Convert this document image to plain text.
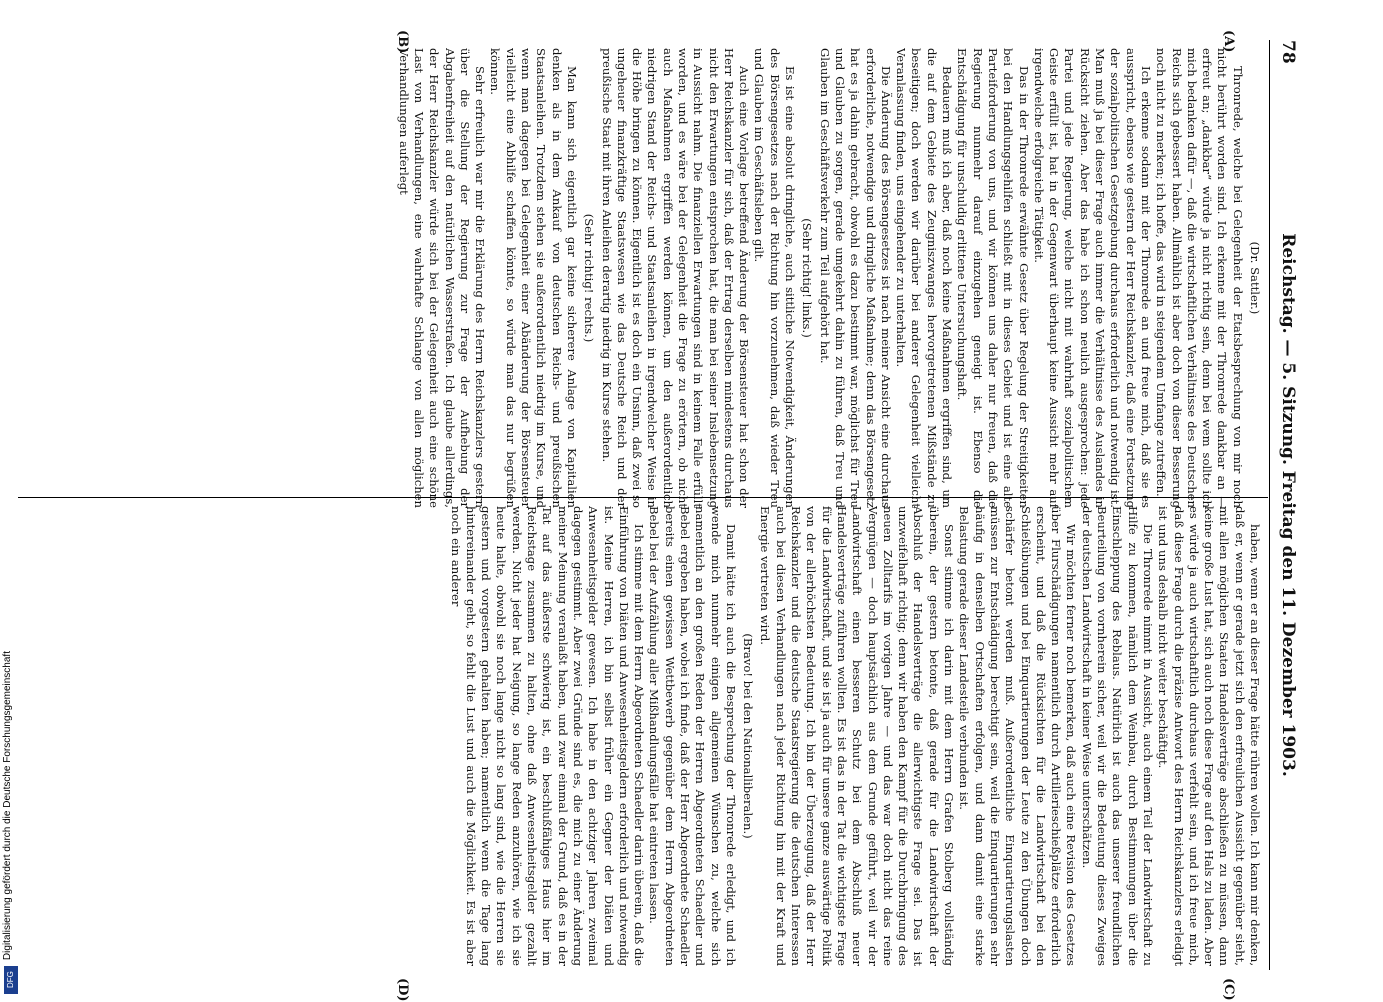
78
Reichstag. — 5. Sitzung. Freitag den 11. Dezember 1903.
(A)
(B)
(C)
(D)

(Dr. Sattler.)

Thronrede, welche bei Gelegenheit der Etatsbesprechung von mir noch nicht berührt worden sind. Ich erkenne mit der Thronrede dankbar an — erfreut an; „dankbar“ würde ja nicht richtig sein, denn bei wem sollte ich mich bedanken dafür —, daß die wirtschaftlichen Verhältnisse des Deutschen Reichs sich gebessert haben. Allmählich ist aber doch von dieser Besserung noch nicht zu merken; ich hoffe, das wird in steigendem Umfange zutreffen.

Ich erkenne sodann mit der Thronrede an und freue mich, daß sie es ausspricht, ebenso wie gestern der Herr Reichskanzler, daß eine Fortsetzung der sozialpolitischen Gesetzgebung durchaus erforderlich und notwendig ist. Man muß ja bei dieser Frage auch immer die Verhältnisse des Auslandes in Rücksicht ziehen. Aber das habe ich schon neulich ausgesprochen: jede Partei und jede Regierung, welche nicht mit wahrhaft sozialpolitischem Geiste erfüllt ist, hat in der Gegenwart überhaupt keine Aussicht mehr auf irgendwelche erfolgreiche Tätigkeit.

Das in der Thronrede erwähnte Gesetz über Regelung der Streitigkeiten bei den Handlungsgehilfen schließt mit in dieses Gebiet und ist eine alte Parteiforderung von uns, und wir können uns daher nur freuen, daß die Regierung nunmehr darauf einzugehen geneigt ist. Ebenso die Entschädigung für unschuldig erlittene Untersuchungshaft.

Bedauern muß ich aber, daß noch keine Maßnahmen ergriffen sind, um die auf dem Gebiete des Zeugniszwanges hervorgetretenen Mißstände zu beseitigen; doch werden wir darüber bei anderer Gelegenheit vielleicht Veranlassung finden, uns eingehender zu unterhalten.

Die Änderung des Börsengesetzes ist nach meiner Ansicht eine durchaus erforderliche, notwendige und dringliche Maßnahme; denn das Börsengesetz hat es ja dahin gebracht, obwohl es dazu bestimmt war, möglichst für Treu und Glauben zu sorgen, gerade umgekehrt dahin zu führen, daß Treu und Glauben im Geschäftsverkehr zum Teil aufgehört hat.

(Sehr richtig! links.)

Es ist eine absolut dringliche, auch sittliche Notwendigkeit, Änderungen des Börsengesetzes nach der Richtung hin vorzunehmen, daß wieder Treu und Glauben im Geschäftsleben gilt.

Auch eine Vorlage betreffend Änderung der Börsensteuer hat schon der Herr Reichskanzler für sich, daß der Ertrag derselben mindestens durchaus nicht den Erwartungen entsprochen hat, die man bei seiner Inslebensetzung in Aussicht nahm. Die finanziellen Erwartungen sind in keinem Falle erfüllt worden, und es wäre bei der Gelegenheit die Frage zu erörtern, ob nicht auch Maßnahmen ergriffen werden können, um den außerordentlich niedrigen Stand der Reichs- und Staatsanleihen in irgendwelcher Weise in die Höhe bringen zu können. Eigentlich ist es doch ein Unsinn, daß zwei so ungeheuer finanzkräftige Staatswesen wie das Deutsche Reich und der preußische Staat mit ihren Anleihen derartig niedrig im Kurse stehen.

(Sehr richtig! rechts.)

Man kann sich eigentlich gar keine sicherere Anlage von Kapitalien denken als in dem Ankauf von deutschen Reichs- und preußischen Staatsanleihen. Trotzdem stehen sie außerordentlich niedrig im Kurse, und wenn man dagegen bei Gelegenheit einer Abänderung der Börsensteuer vielleicht eine Abhilfe schaffen könnte, so würde man das nur begrüßen können.

Sehr erfreulich war mir die Erklärung des Herrn Reichskanzlers gestern über die Stellung der Regierung zur Frage der Aufhebung der Abgabenfreiheit auf den natürlichen Wasserstraßen. Ich glaube allerdings, der Herr Reichskanzler würde sich bei der Gelegenheit auch eine schöne Last von Verhandlungen, eine wahrhafte Schlange von allen möglichen Verhandlungen auferlegt

haben, wenn er an dieser Frage hätte rühren wollen. Ich kann mir denken, daß er, wenn er gerade jetzt sich den erfreulichen Aussicht gegenüber sieht, mit allen möglichen Staaten Handelsverträge abschließen zu müssen, dann keine große Lust hat, sich auch noch diese Frage auf den Hals zu laden. Aber es würde ja auch wirtschaftlich durchaus verfehlt sein, und ich freue mich, daß diese Frage durch die präzise Antwort des Herrn Reichskanzlers erledigt ist und uns deshalb nicht weiter beschäftigt.

Die Thronrede nimmt in Aussicht, auch einem Teil der Landwirtschaft zu Hilfe zu kommen, nämlich dem Weinbau, durch Bestimmungen über die Einschleppung des Reblaus. Natürlich ist auch das unserer freundlichen Beurteilung von vornherein sicher, weil wir die Bedeutung dieses Zweiges der deutschen Landwirtschaft in keiner Weise unterschätzen.

Wir möchten ferner noch bemerken, daß auch eine Revision des Gesetzes über Flurschädigungen namentlich durch Artillerieschießplätze erforderlich erscheint, und daß die Rücksichten für die Landwirtschaft bei den Schießübungen und bei Einquartierungen der Leute zu den Übungen doch schärfer betont werden muß. Außerordentliche Einquartierungslasten müssen zur Entschädigung berechtigt sein, weil die Einquartierungen sehr häufig in denselben Ortschaften erfolgen, und dann damit eine starke Belastung gerade dieser Landesteile verbunden ist.

Sonst stimme ich darin mit dem Herrn Grafen Stolberg vollständig überein, der gestern betonte, daß gerade für die Landwirtschaft der Abschluß der Handelsverträge die allerwichtigste Frage sei. Das ist unzweifelhaft richtig; denn wir haben den Kampf für die Durchbringung des neuen Zolltarifs im vorigen Jahre — und das war doch nicht das reine Vergnügen — doch hauptsächlich aus dem Grunde geführt, weil wir der Landwirtschaft einen besseren Schutz bei dem Abschluß neuer Handelsverträge zuführen wollten. Es ist das in der Tat die wichtigste Frage für die Landwirtschaft, und sie ist ja auch für unsere ganze auswärtige Politik von der allerhöchsten Bedeutung. Ich bin der Überzeugung, daß der Herr Reichskanzler und die deutsche Staatsregierung die deutschen Interessen auch bei diesen Verhandlungen nach jeder Richtung hin mit der Kraft und Energie vertreten wird.

(Bravo! bei den Nationalliberalen.)

Damit hätte ich auch die Besprechung der Thronrede erledigt, und ich wende mich nunmehr einigen allgemeinen Wünschen zu, welche sich namentlich an den großen Reden der Herren Abgeordneten Schaedler und Bebel ergeben haben, wobei ich finde, daß der Herr Abgeordnete Schaedler bereits einen gewissen Wettbewerb gegenüber dem Herrn Abgeordneten Bebel bei der Aufzählung aller Mißhandlungsfälle hat eintreten lassen.

Ich stimme mit dem Herrn Abgeordneten Schaedler darin überein, daß die Einführung von Diäten und Anwesenheitsgeldern erforderlich und notwendig ist. Meine Herren, ich bin selbst früher ein Gegner der Diäten und Anwesenheitsgelder gewesen. Ich habe in den achtziger Jahren zweimal dagegen gestimmt. Aber zwei Gründe sind es, die mich zu einer Änderung meiner Meinung veranlaßt haben, und zwar einmal der Grund, daß es in der Tat auf das äußerste schwierig ist, ein beschlußfähiges Haus hier im Reichstage zusammen zu halten, ohne daß Anwesenheitsgelder gezahlt werden. Nicht jeder hat Neigung, so lange Reden anzuhören, wie ich sie heute halte, obwohl sie noch lange nicht so lang sind, wie die Herren sie gestern und vorgestern gehalten haben; namentlich wenn die Tage lang hintereinander geht, so fehlt die Lust und auch die Möglichkeit. Es ist aber noch ein anderer

Digitalisierung gefördert durch die Deutsche Forschungsgemeinschaft
DFG
